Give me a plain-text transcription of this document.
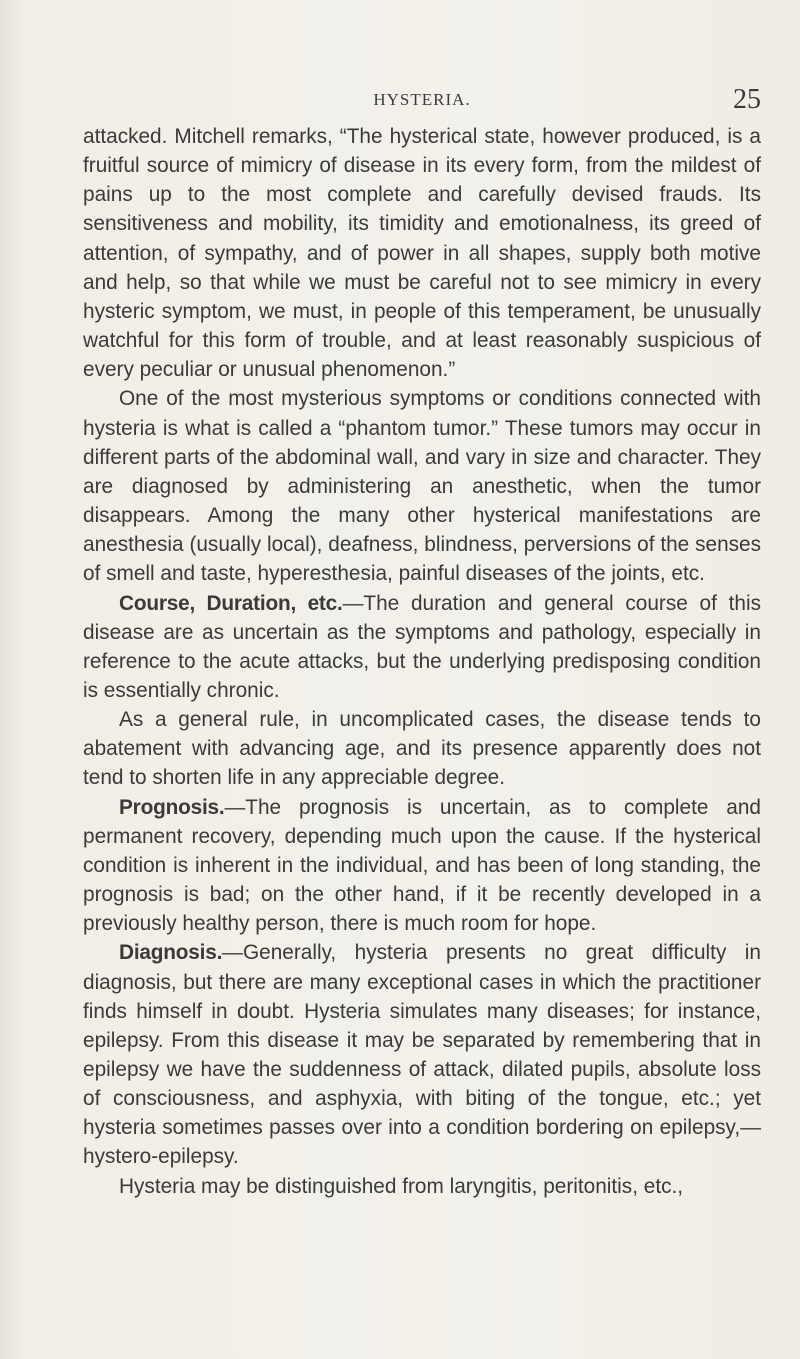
HYSTERIA.	25

attacked. Mitchell remarks, “The hysterical state, however produced, is a fruitful source of mimicry of disease in its every form, from the mildest of pains up to the most complete and carefully devised frauds. Its sensitiveness and mobility, its timidity and emotionalness, its greed of attention, of sympathy, and of power in all shapes, supply both motive and help, so that while we must be careful not to see mimicry in every hysteric symptom, we must, in people of this temperament, be unusually watchful for this form of trouble, and at least reasonably suspicious of every peculiar or unusual phenomenon.”

One of the most mysterious symptoms or conditions connected with hysteria is what is called a “phantom tumor.” These tumors may occur in different parts of the abdominal wall, and vary in size and character. They are diagnosed by administering an anesthetic, when the tumor disappears. Among the many other hysterical manifestations are anesthesia (usually local), deafness, blindness, perversions of the senses of smell and taste, hyperesthesia, painful diseases of the joints, etc.

Course, Duration, etc.—The duration and general course of this disease are as uncertain as the symptoms and pathology, especially in reference to the acute attacks, but the underlying predisposing condition is essentially chronic.

As a general rule, in uncomplicated cases, the disease tends to abatement with advancing age, and its presence apparently does not tend to shorten life in any appreciable degree.

Prognosis.—The prognosis is uncertain, as to complete and permanent recovery, depending much upon the cause. If the hysterical condition is inherent in the individual, and has been of long standing, the prognosis is bad; on the other hand, if it be recently developed in a previously healthy person, there is much room for hope.

Diagnosis.—Generally, hysteria presents no great difficulty in diagnosis, but there are many exceptional cases in which the practitioner finds himself in doubt. Hysteria simulates many diseases; for instance, epilepsy. From this disease it may be separated by remembering that in epilepsy we have the suddenness of attack, dilated pupils, absolute loss of consciousness, and asphyxia, with biting of the tongue, etc.; yet hysteria sometimes passes over into a condition bordering on epilepsy,—hystero-epilepsy.

Hysteria may be distinguished from laryngitis, peritonitis, etc.,
